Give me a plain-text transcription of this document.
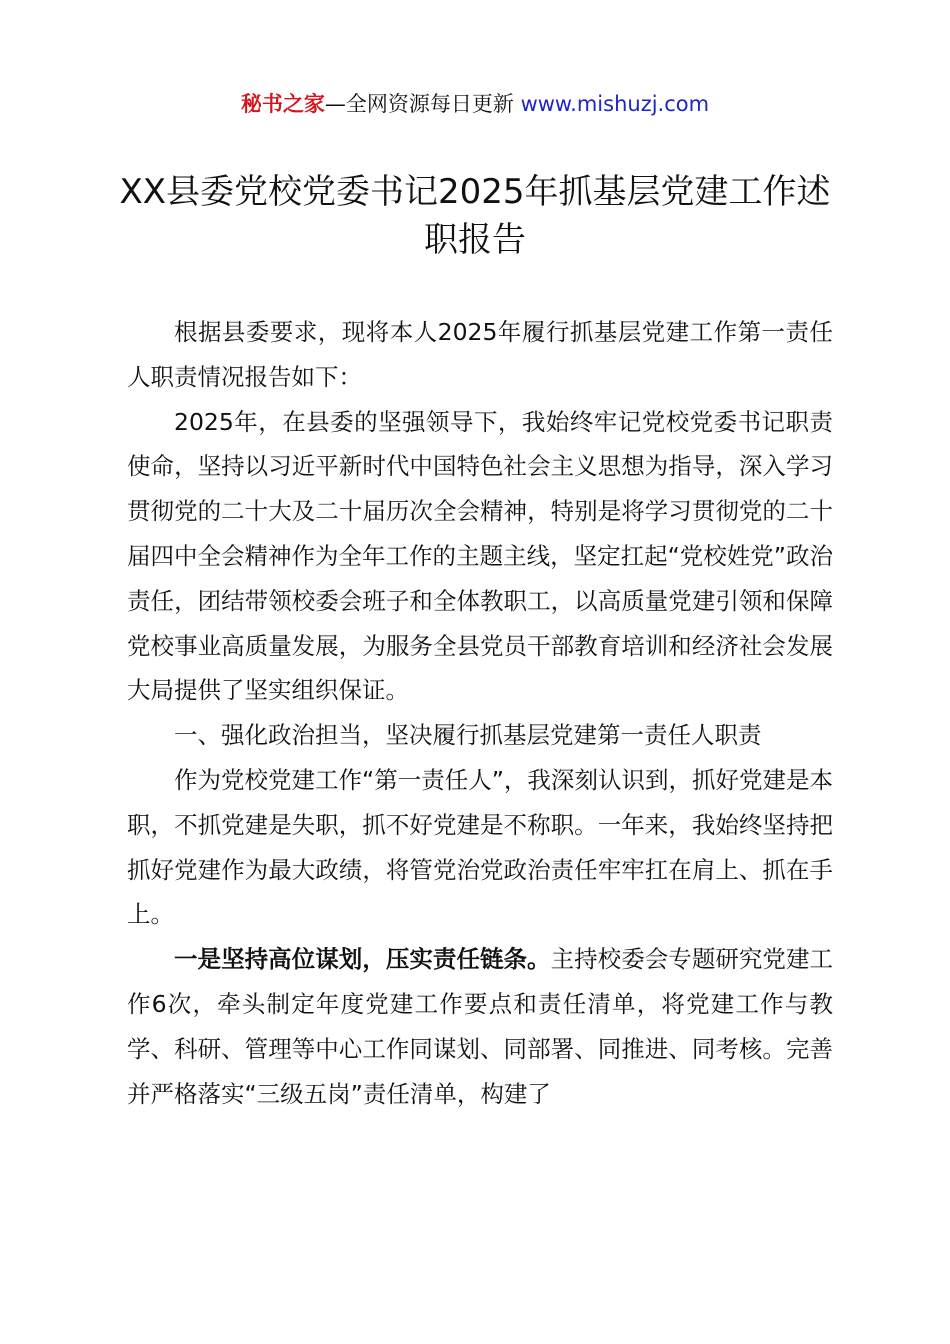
秘书之家—全网资源每日更新 www.mishuzj.com
XX县委党校党委书记2025年抓基层党建工作述职报告

根据县委要求，现将本人2025年履行抓基层党建工作第一责任人职责情况报告如下：

2025年，在县委的坚强领导下，我始终牢记党校党委书记职责使命，坚持以习近平新时代中国特色社会主义思想为指导，深入学习贯彻党的二十大及二十届历次全会精神，特别是将学习贯彻党的二十届四中全会精神作为全年工作的主题主线，坚定扛起“党校姓党”政治责任，团结带领校委会班子和全体教职工，以高质量党建引领和保障党校事业高质量发展，为服务全县党员干部教育培训和经济社会发展大局提供了坚实组织保证。

一、强化政治担当，坚决履行抓基层党建第一责任人职责

作为党校党建工作“第一责任人”，我深刻认识到，抓好党建是本职，不抓党建是失职，抓不好党建是不称职。一年来，我始终坚持把抓好党建作为最大政绩，将管党治党政治责任牢牢扛在肩上、抓在手上。

一是坚持高位谋划，压实责任链条。主持校委会专题研究党建工作6次，牵头制定年度党建工作要点和责任清单，将党建工作与教学、科研、管理等中心工作同谋划、同部署、同推进、同考核。完善并严格落实“三级五岗”责任清单，构建了
